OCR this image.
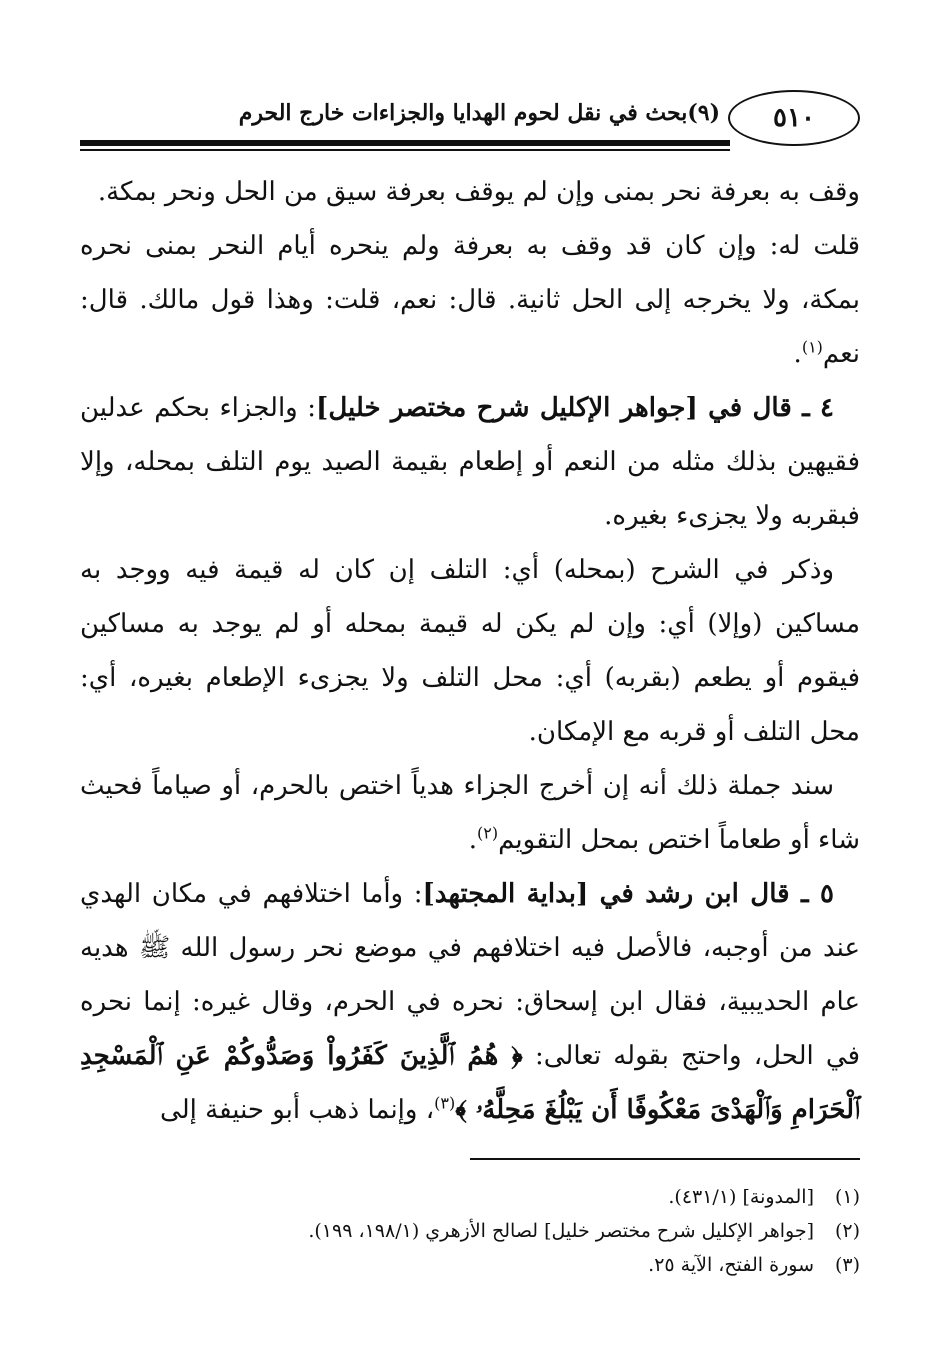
٥١٠
(٩)بحث في نقل لحوم الهدايا والجزاءات خارج الحرم

وقف به بعرفة نحر بمنى وإن لم يوقف بعرفة سيق من الحل ونحر بمكة.

قلت له: وإن كان قد وقف به بعرفة ولم ينحره أيام النحر بمنى نحره بمكة، ولا يخرجه إلى الحل ثانية. قال: نعم، قلت: وهذا قول مالك. قال: نعم$^{(١)}$.

٤ ـ قال في [جواهر الإكليل شرح مختصر خليل]: والجزاء بحكم عدلين فقيهين بذلك مثله من النعم أو إطعام بقيمة الصيد يوم التلف بمحله، وإلا فبقربه ولا يجزىء بغيره.

وذكر في الشرح (بمحله) أي: التلف إن كان له قيمة فيه ووجد به مساكين (وإلا) أي: وإن لم يكن له قيمة بمحله أو لم يوجد به مساكين فيقوم أو يطعم (بقربه) أي: محل التلف ولا يجزىء الإطعام بغيره، أي: محل التلف أو قربه مع الإمكان.

سند جملة ذلك أنه إن أخرج الجزاء هدياً اختص بالحرم، أو صياماً فحيث شاء أو طعاماً اختص بمحل التقويم$^{(٢)}$.

٥ ـ قال ابن رشد في [بداية المجتهد]: وأما اختلافهم في مكان الهدي عند من أوجبه، فالأصل فيه اختلافهم في موضع نحر رسول الله ﷺ هديه عام الحديبية، فقال ابن إسحاق: نحره في الحرم، وقال غيره: إنما نحره في الحل، واحتج بقوله تعالى: ﴿ هُمُ ٱلَّذِينَ كَفَرُواْ وَصَدُّوكُمْ عَنِ ٱلْمَسْجِدِ ٱلْحَرَامِ وَٱلْهَدْىَ مَعْكُوفًا أَن يَبْلُغَ مَحِلَّهُۥ ﴾$^{(٣)}$، وإنما ذهب أبو حنيفة إلى

(١)[المدونة] (٤٣١/١).
(٢)[جواهر الإكليل شرح مختصر خليل] لصالح الأزهري (١٩٨/١، ١٩٩).
(٣)سورة الفتح، الآية ٢٥.
